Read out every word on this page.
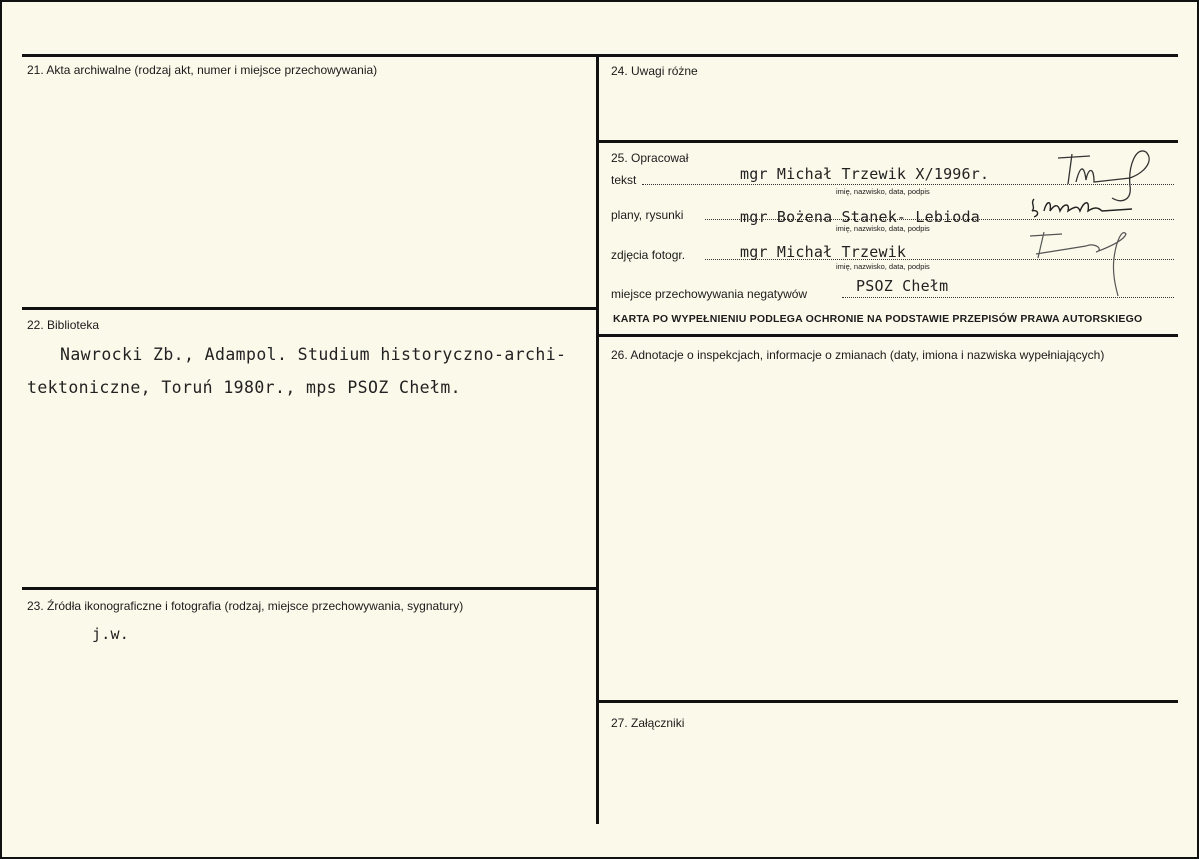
21. Akta archiwalne (rodzaj akt, numer i miejsce przechowywania)
22. Biblioteka
Nawrocki Zb., Adampol. Studium historyczno-archi-
tektoniczne, Toruń 1980r., mps PSOZ Chełm.
23. Źródła ikonograficzne i fotografia (rodzaj, miejsce przechowywania, sygnatury)
j.w.
24. Uwagi różne
25. Opracował
tekst	mgr Michał Trzewik X/1996r.
imię, nazwisko, data, podpis
plany, rysunki	mgr Bożena Stanek- Lebioda
imię, nazwisko, data, podpis
zdjęcia fotogr.	mgr Michał Trzewik
imię, nazwisko, data, podpis
miejsce przechowywania negatywów	PSOZ Chełm
KARTA PO WYPEŁNIENIU PODLEGA OCHRONIE NA PODSTAWIE PRZEPISÓW PRAWA AUTORSKIEGO
26. Adnotacje o inspekcjach, informacje o zmianach (daty, imiona i nazwiska wypełniających)
27. Załączniki
